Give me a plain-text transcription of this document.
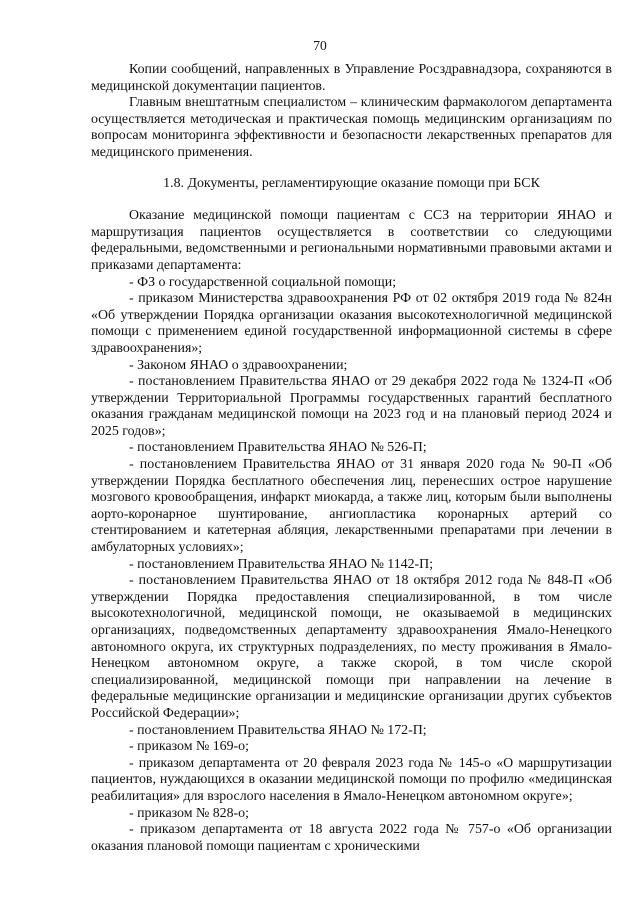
70

Копии сообщений, направленных в Управление Росздравнадзора, сохраняются в медицинской документации пациентов.

Главным внештатным специалистом – клиническим фармакологом департамента осуществляется методическая и практическая помощь медицинским организациям по вопросам мониторинга эффективности и безопасности лекарственных препаратов для медицинского применения.

1.8. Документы, регламентирующие оказание помощи при БСК

Оказание медицинской помощи пациентам с ССЗ на территории ЯНАО и маршрутизация пациентов осуществляется в соответствии со следующими федеральными, ведомственными и региональными нормативными правовыми актами и приказами департамента:

- ФЗ о государственной социальной помощи;

- приказом Министерства здравоохранения РФ от 02 октября 2019 года № 824н «Об утверждении Порядка организации оказания высокотехнологичной медицинской помощи с применением единой государственной информационной системы в сфере здравоохранения»;

- Законом ЯНАО о здравоохранении;

- постановлением Правительства ЯНАО от 29 декабря 2022 года № 1324-П «Об утверждении Территориальной Программы государственных гарантий бесплатного оказания гражданам медицинской помощи на 2023 год и на плановый период 2024 и 2025 годов»;

- постановлением Правительства ЯНАО № 526-П;

- постановлением Правительства ЯНАО от 31 января 2020 года № 90-П «Об утверждении Порядка бесплатного обеспечения лиц, перенесших острое нарушение мозгового кровообращения, инфаркт миокарда, а также лиц, которым были выполнены аорто-коронарное шунтирование, ангиопластика коронарных артерий со стентированием и катетерная абляция, лекарственными препаратами при лечении в амбулаторных условиях»;

- постановлением Правительства ЯНАО № 1142-П;

- постановлением Правительства ЯНАО от 18 октября 2012 года № 848-П «Об утверждении Порядка предоставления специализированной, в том числе высокотехнологичной, медицинской помощи, не оказываемой в медицинских организациях, подведомственных департаменту здравоохранения Ямало-Ненецкого автономного округа, их структурных подразделениях, по месту проживания в Ямало-Ненецком автономном округе, а также скорой, в том числе скорой специализированной, медицинской помощи при направлении на лечение в федеральные медицинские организации и медицинские организации других субъектов Российской Федерации»;

- постановлением Правительства ЯНАО № 172-П;

- приказом № 169-о;

- приказом департамента от 20 февраля 2023 года № 145-о «О маршрутизации пациентов, нуждающихся в оказании медицинской помощи по профилю «медицинская реабилитация» для взрослого населения в Ямало-Ненецком автономном округе»;

- приказом № 828-о;

- приказом департамента от 18 августа 2022 года № 757-о «Об организации оказания плановой помощи пациентам с хроническими
